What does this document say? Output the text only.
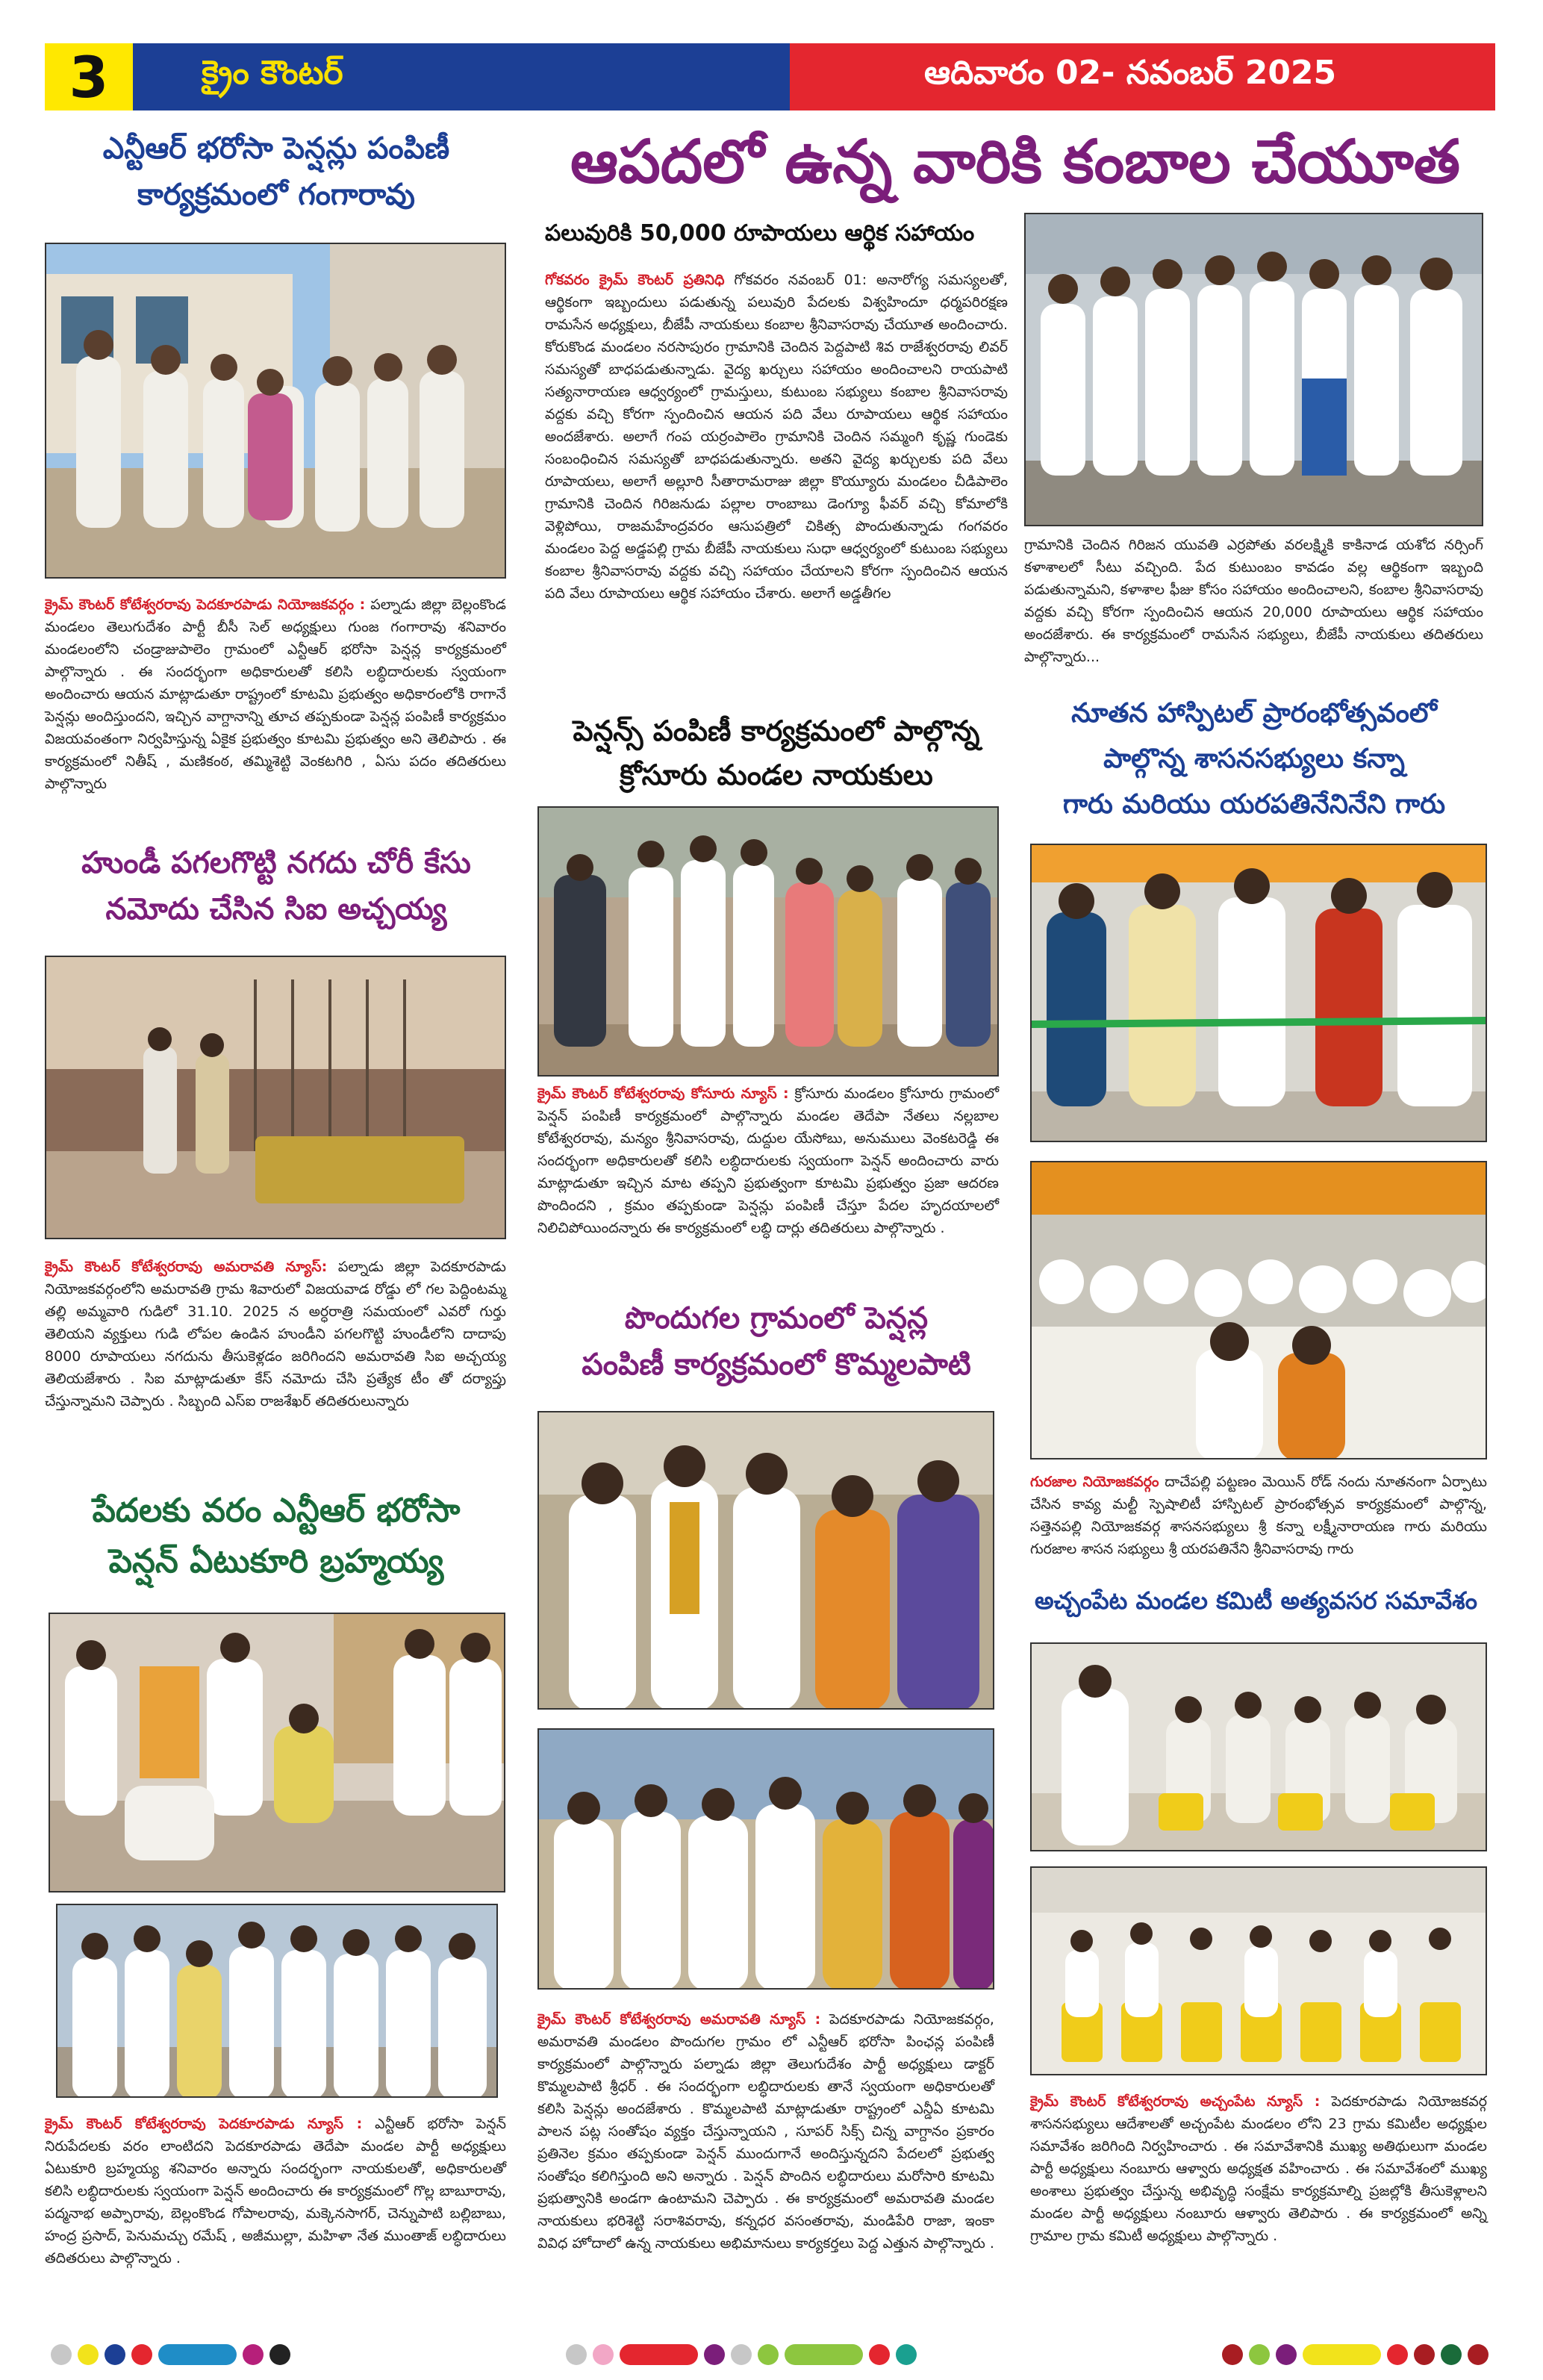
3	క్రైం కౌంటర్	ఆదివారం 02- నవంబర్ 2025
ఎన్టీఆర్ భరోసా పెన్షన్లు పంపిణీ
కార్యక్రమంలో గంగారావు
క్రైమ్ కౌంటర్ కోటేశ్వరరావు పెదకూరపాడు నియోజకవర్గం : పల్నాడు జిల్లా బెల్లంకొండ మండలం తెలుగుదేశం పార్టీ బీసీ సెల్ అధ్యక్షులు గుంజ గంగారావు శనివారం మండలంలోని చండ్రాజుపాలెం గ్రామంలో ఎన్టీఆర్ భరోసా పెన్షన్ల కార్యక్రమంలో పాల్గొన్నారు . ఈ సందర్భంగా అధికారులతో కలిసి లబ్ధిదారులకు స్వయంగా అందించారు ఆయన మాట్లాడుతూ రాష్ట్రంలో కూటమి ప్రభుత్వం అధికారంలోకి రాగానే పెన్షన్లు అందిస్తుందని, ఇచ్చిన వాగ్దానాన్ని తూచ తప్పకుండా పెన్షన్ల పంపిణీ కార్యక్రమం విజయవంతంగా నిర్వహిస్తున్న ఏకైక ప్రభుత్వం కూటమి ప్రభుత్వం అని తెలిపారు . ఈ కార్యక్రమంలో నితీష్ , మణికంఠ, తమ్మిశెట్టి వెంకటగిరి , ఏసు పదం తదితరులు పాల్గొన్నారు
ఆపదలో ఉన్న వారికి కంబాల చేయూత
పలువురికి 50,000 రూపాయలు ఆర్థిక సహాయం
గోకవరం క్రైమ్ కౌంటర్ ప్రతినిధి గోకవరం నవంబర్ 01: అనారోగ్య సమస్యలతో, ఆర్థికంగా ఇబ్బందులు పడుతున్న పలువురి పేదలకు విశ్వహిందూ ధర్మపరిరక్షణ రామసేన అధ్యక్షులు, బీజేపీ నాయకులు కంబాల శ్రీనివాసరావు చేయూత అందించారు. కోరుకొండ మండలం నరసాపురం గ్రామానికి చెందిన పెద్దపాటి శివ రాజేశ్వరరావు లివర్ సమస్యతో బాధపడుతున్నాడు. వైద్య ఖర్చులు సహాయం అందించాలని రాయపాటి సత్యనారాయణ ఆధ్వర్యంలో గ్రామస్తులు, కుటుంబ సభ్యులు కంబాల శ్రీనివాసరావు వద్దకు వచ్చి కోరగా స్పందించిన ఆయన పది వేలు రూపాయలు ఆర్థిక సహాయం అందజేశారు. అలాగే గంప యర్రంపాలెం గ్రామానికి చెందిన సమ్మంగి కృష్ణ గుండెకు సంబంధించిన సమస్యతో బాధపడుతున్నారు. అతని వైద్య ఖర్చులకు పది వేలు రూపాయలు, అలాగే అల్లూరి సీతారామరాజు జిల్లా కొయ్యూరు మండలం చీడిపాలెం గ్రామానికి చెందిన గిరిజనుడు పల్లాల రాంబాబు డెంగ్యూ ఫీవర్ వచ్చి కోమాలోకి వెళ్లిపోయి, రాజమహేంద్రవరం ఆసుపత్రిలో చికిత్స పొందుతున్నాడు గంగవరం మండలం పెద్ద అడ్డపల్లి గ్రామ బీజేపీ నాయకులు సుధా ఆధ్వర్యంలో కుటుంబ సభ్యులు కంబాల శ్రీనివాసరావు వద్దకు వచ్చి సహాయం చేయాలని కోరగా స్పందించిన ఆయన పది వేలు రూపాయలు ఆర్థిక సహాయం చేశారు. అలాగే అడ్డతీగల
గ్రామానికి చెందిన గిరిజన యువతి ఎర్రపోతు వరలక్ష్మికి కాకినాడ యశోద నర్సింగ్ కళాశాలలో సీటు వచ్చింది. పేద కుటుంబం కావడం వల్ల ఆర్థికంగా ఇబ్బంది పడుతున్నామని, కళాశాల ఫీజు కోసం సహాయం అందించాలని, కంబాల శ్రీనివాసరావు వద్దకు వచ్చి కోరగా స్పందించిన ఆయన 20,000 రూపాయలు ఆర్థిక సహాయం అందజేశారు. ఈ కార్యక్రమంలో రామసేన సభ్యులు, బీజేపీ నాయకులు తదితరులు పాల్గొన్నారు...
హుండీ పగలగొట్టి నగదు చోరీ కేసు
నమోదు చేసిన సిఐ అచ్చయ్య
క్రైమ్ కౌంటర్ కోటేశ్వరరావు అమరావతి న్యూస్: పల్నాడు జిల్లా పెదకూరపాడు నియోజకవర్గంలోని అమరావతి గ్రామ శివారులో విజయవాడ రోడ్డు లో గల పెద్దింటమ్మ తల్లి అమ్మవారి గుడిలో 31.10. 2025 న అర్ధరాత్రి సమయంలో ఎవరో గుర్తు తెలియని వ్యక్తులు గుడి లోపల ఉండిన హుండీని పగలగొట్టి హుండీలోని దాదాపు 8000 రూపాయలు నగదును తీసుకెళ్లడం జరిగిందని అమరావతి సిఐ అచ్చయ్య తెలియజేశారు . సిఐ మాట్లాడుతూ కేస్ నమోదు చేసి ప్రత్యేక టీం తో దర్యాప్తు చేస్తున్నామని చెప్పారు . సిబ్బంది ఎస్ఐ రాజశేఖర్ తదితరులున్నారు
పెన్షన్స్ పంపిణీ కార్యక్రమంలో పాల్గొన్న
క్రోసూరు మండల నాయకులు
క్రైమ్ కౌంటర్ కోటేశ్వరరావు కోసూరు న్యూస్ : క్రోసూరు మండలం క్రోసూరు గ్రామంలో పెన్షన్ పంపిణీ కార్యక్రమంలో పాల్గొన్నారు మండల తెదేపా నేతలు నల్లబాల కోటేశ్వరరావు, మన్యం శ్రీనివాసరావు, దుద్దుల యేసోబు, అనుములు వెంకటరెడ్డి ఈ సందర్భంగా అధికారులతో కలిసి లబ్ధిదారులకు స్వయంగా పెన్షన్ అందించారు వారు మాట్లాడుతూ ఇచ్చిన మాట తప్పని ప్రభుత్వంగా కూటమి ప్రభుత్వం ప్రజా ఆదరణ పొందిందని , క్రమం తప్పకుండా పెన్షన్లు పంపిణీ చేస్తూ పేదల హృదయాలలో నిలిచిపోయిందన్నారు ఈ కార్యక్రమంలో లబ్ధి దార్లు తదితరులు పాల్గొన్నారు .
నూతన హాస్పిటల్ ప్రారంభోత్సవంలో
పాల్గొన్న శాసనసభ్యులు కన్నా
గారు మరియు యరపతినేనినేని గారు
గురజాల నియోజకవర్గం దాచేపల్లి పట్టణం మెయిన్ రోడ్ నందు నూతనంగా ఏర్పాటు చేసిన కావ్య మల్టీ స్పెషాలిటీ హాస్పిటల్ ప్రారంభోత్సవ కార్యక్రమంలో పాల్గొన్న, సత్తెనపల్లి నియోజకవర్గ శాసనసభ్యులు శ్రీ కన్నా లక్ష్మీనారాయణ గారు మరియు గురజాల శాసన సభ్యులు శ్రీ యరపతినేని శ్రీనివాసరావు గారు
పొందుగల గ్రామంలో పెన్షన్ల
పంపిణీ కార్యక్రమంలో కొమ్మలపాటి
క్రైమ్ కౌంటర్ కోటేశ్వరరావు అమరావతి న్యూస్ : పెదకూరపాడు నియోజకవర్గం, అమరావతి మండలం పొందుగల గ్రామం లో ఎన్టీఆర్ భరోసా పింఛన్ల పంపిణీ కార్యక్రమంలో పాల్గొన్నారు పల్నాడు జిల్లా తెలుగుదేశం పార్టీ అధ్యక్షులు డాక్టర్ కొమ్మలపాటి శ్రీధర్ . ఈ సందర్భంగా లబ్ధిదారులకు తానే స్వయంగా అధికారులతో కలిసి పెన్షన్లు అందజేశారు . కొమ్మలపాటి మాట్లాడుతూ రాష్ట్రంలో ఎన్డీఏ కూటమి పాలన పట్ల సంతోషం వ్యక్తం చేస్తున్నాయని , సూపర్ సిక్స్ చిన్న వాగ్దానం ప్రకారం ప్రతినెల క్రమం తప్పకుండా పెన్షన్ ముందుగానే అందిస్తున్నదని పేదలలో ప్రభుత్వ సంతోషం కలిగిస్తుంది అని అన్నారు . పెన్షన్ పొందిన లబ్ధిదారులు మరోసారి కూటమి ప్రభుత్వానికి అండగా ఉంటామని చెప్పారు . ఈ కార్యక్రమంలో అమరావతి మండల నాయకులు భరిశెట్టి సరాశివరావు, కన్నధర వసంతరావు, మండిపేరి రాజా, ఇంకా వివిధ హోదాలో ఉన్న నాయకులు అభిమానులు కార్యకర్తలు పెద్ద ఎత్తున పాల్గొన్నారు .
పేదలకు వరం ఎన్టీఆర్ భరోసా
పెన్షన్ ఏటుకూరి బ్రహ్మయ్య
క్రైమ్ కౌంటర్ కోటేశ్వరరావు పెదకూరపాడు న్యూస్ : ఎన్టీఆర్ భరోసా పెన్షన్ నిరుపేదలకు వరం లాంటిదని పెదకూరపాడు తెదేపా మండల పార్టీ అధ్యక్షులు ఏటుకూరి బ్రహ్మయ్య శనివారం అన్నారు సందర్భంగా నాయకులతో, అధికారులతో కలిసి లబ్ధిదారులకు స్వయంగా పెన్షన్ అందించారు ఈ కార్యక్రమంలో గొల్ల బాబూరావు, పద్మనాభ అప్పారావు, బెల్లంకొండ గోపాలరావు, మక్కెనసాగర్, చెన్నుపాటి బల్లిబాబు, హంద్ర ప్రసాద్, పెనుమచ్చు రమేష్ , అజీముల్లా, మహిళా నేత ముంతాజ్ లబ్ధిదారులు తదితరులు పాల్గొన్నారు .
అచ్చంపేట మండల కమిటీ అత్యవసర సమావేశం
క్రైమ్ కౌంటర్ కోటేశ్వరరావు అచ్చంపేట న్యూస్ : పెదకూరపాడు నియోజకవర్గ శాసనసభ్యులు ఆదేశాలతో అచ్చంపేట మండలం లోని 23 గ్రామ కమిటీల అధ్యక్షుల సమావేశం జరిగింది నిర్వహించారు . ఈ సమావేశానికి ముఖ్య అతిథులుగా మండల పార్టీ అధ్యక్షులు నంబూరు ఆళ్వారు అధ్యక్షత వహించారు . ఈ సమావేశంలో ముఖ్య అంశాలు ప్రభుత్వం చేస్తున్న అభివృద్ధి సంక్షేమ కార్యక్రమాల్ని ప్రజల్లోకి తీసుకెళ్లాలని మండల పార్టీ అధ్యక్షులు నంబూరు ఆళ్వారు తెలిపారు . ఈ కార్యక్రమంలో అన్ని గ్రామాల గ్రామ కమిటీ అధ్యక్షులు పాల్గొన్నారు .
